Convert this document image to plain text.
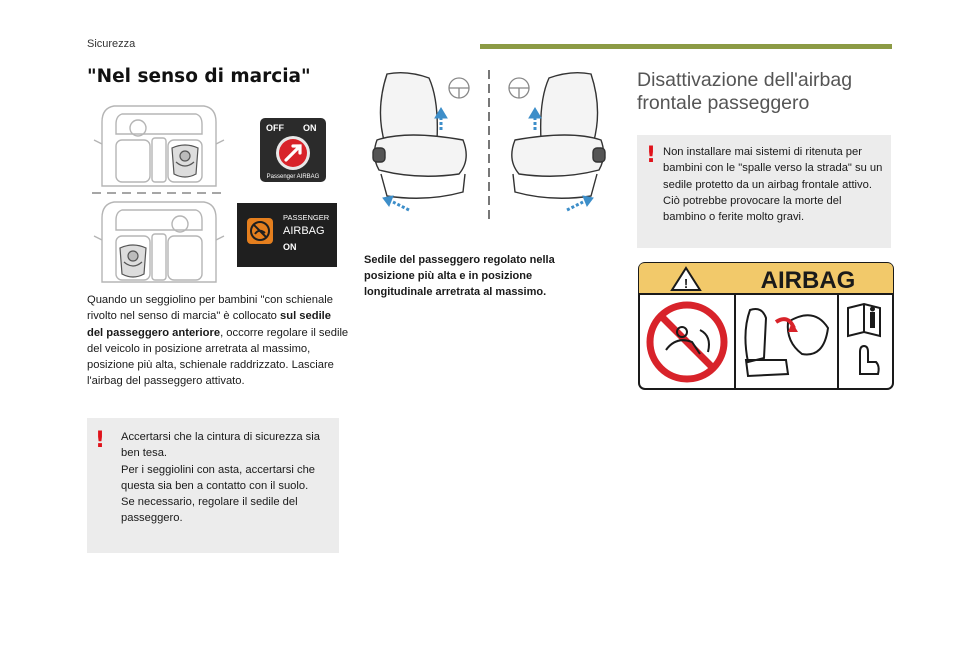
Sicurezza
"Nel senso di marcia"
OFF ON
Passenger AIRBAG
PASSENGER
AIRBAG
ON
Quando un seggiolino per bambini "con schienale rivolto nel senso di marcia" è collocato sul sedile del passeggero anteriore, occorre regolare il sedile del veicolo in posizione arretrata al massimo, posizione più alta, schienale raddrizzato. Lasciare l'airbag del passeggero attivato.
! Accertarsi che la cintura di sicurezza sia ben tesa.
Per i seggiolini con asta, accertarsi che questa sia ben a contatto con il suolo.
Se necessario, regolare il sedile del passeggero.
Sedile del passeggero regolato nella posizione più alta e in posizione longitudinale arretrata al massimo.
Disattivazione dell'airbag frontale passeggero
! Non installare mai sistemi di ritenuta per bambini con le "spalle verso la strada" su un sedile protetto da un airbag frontale attivo. Ciò potrebbe provocare la morte del bambino o ferite molto gravi.
!	AIRBAG
